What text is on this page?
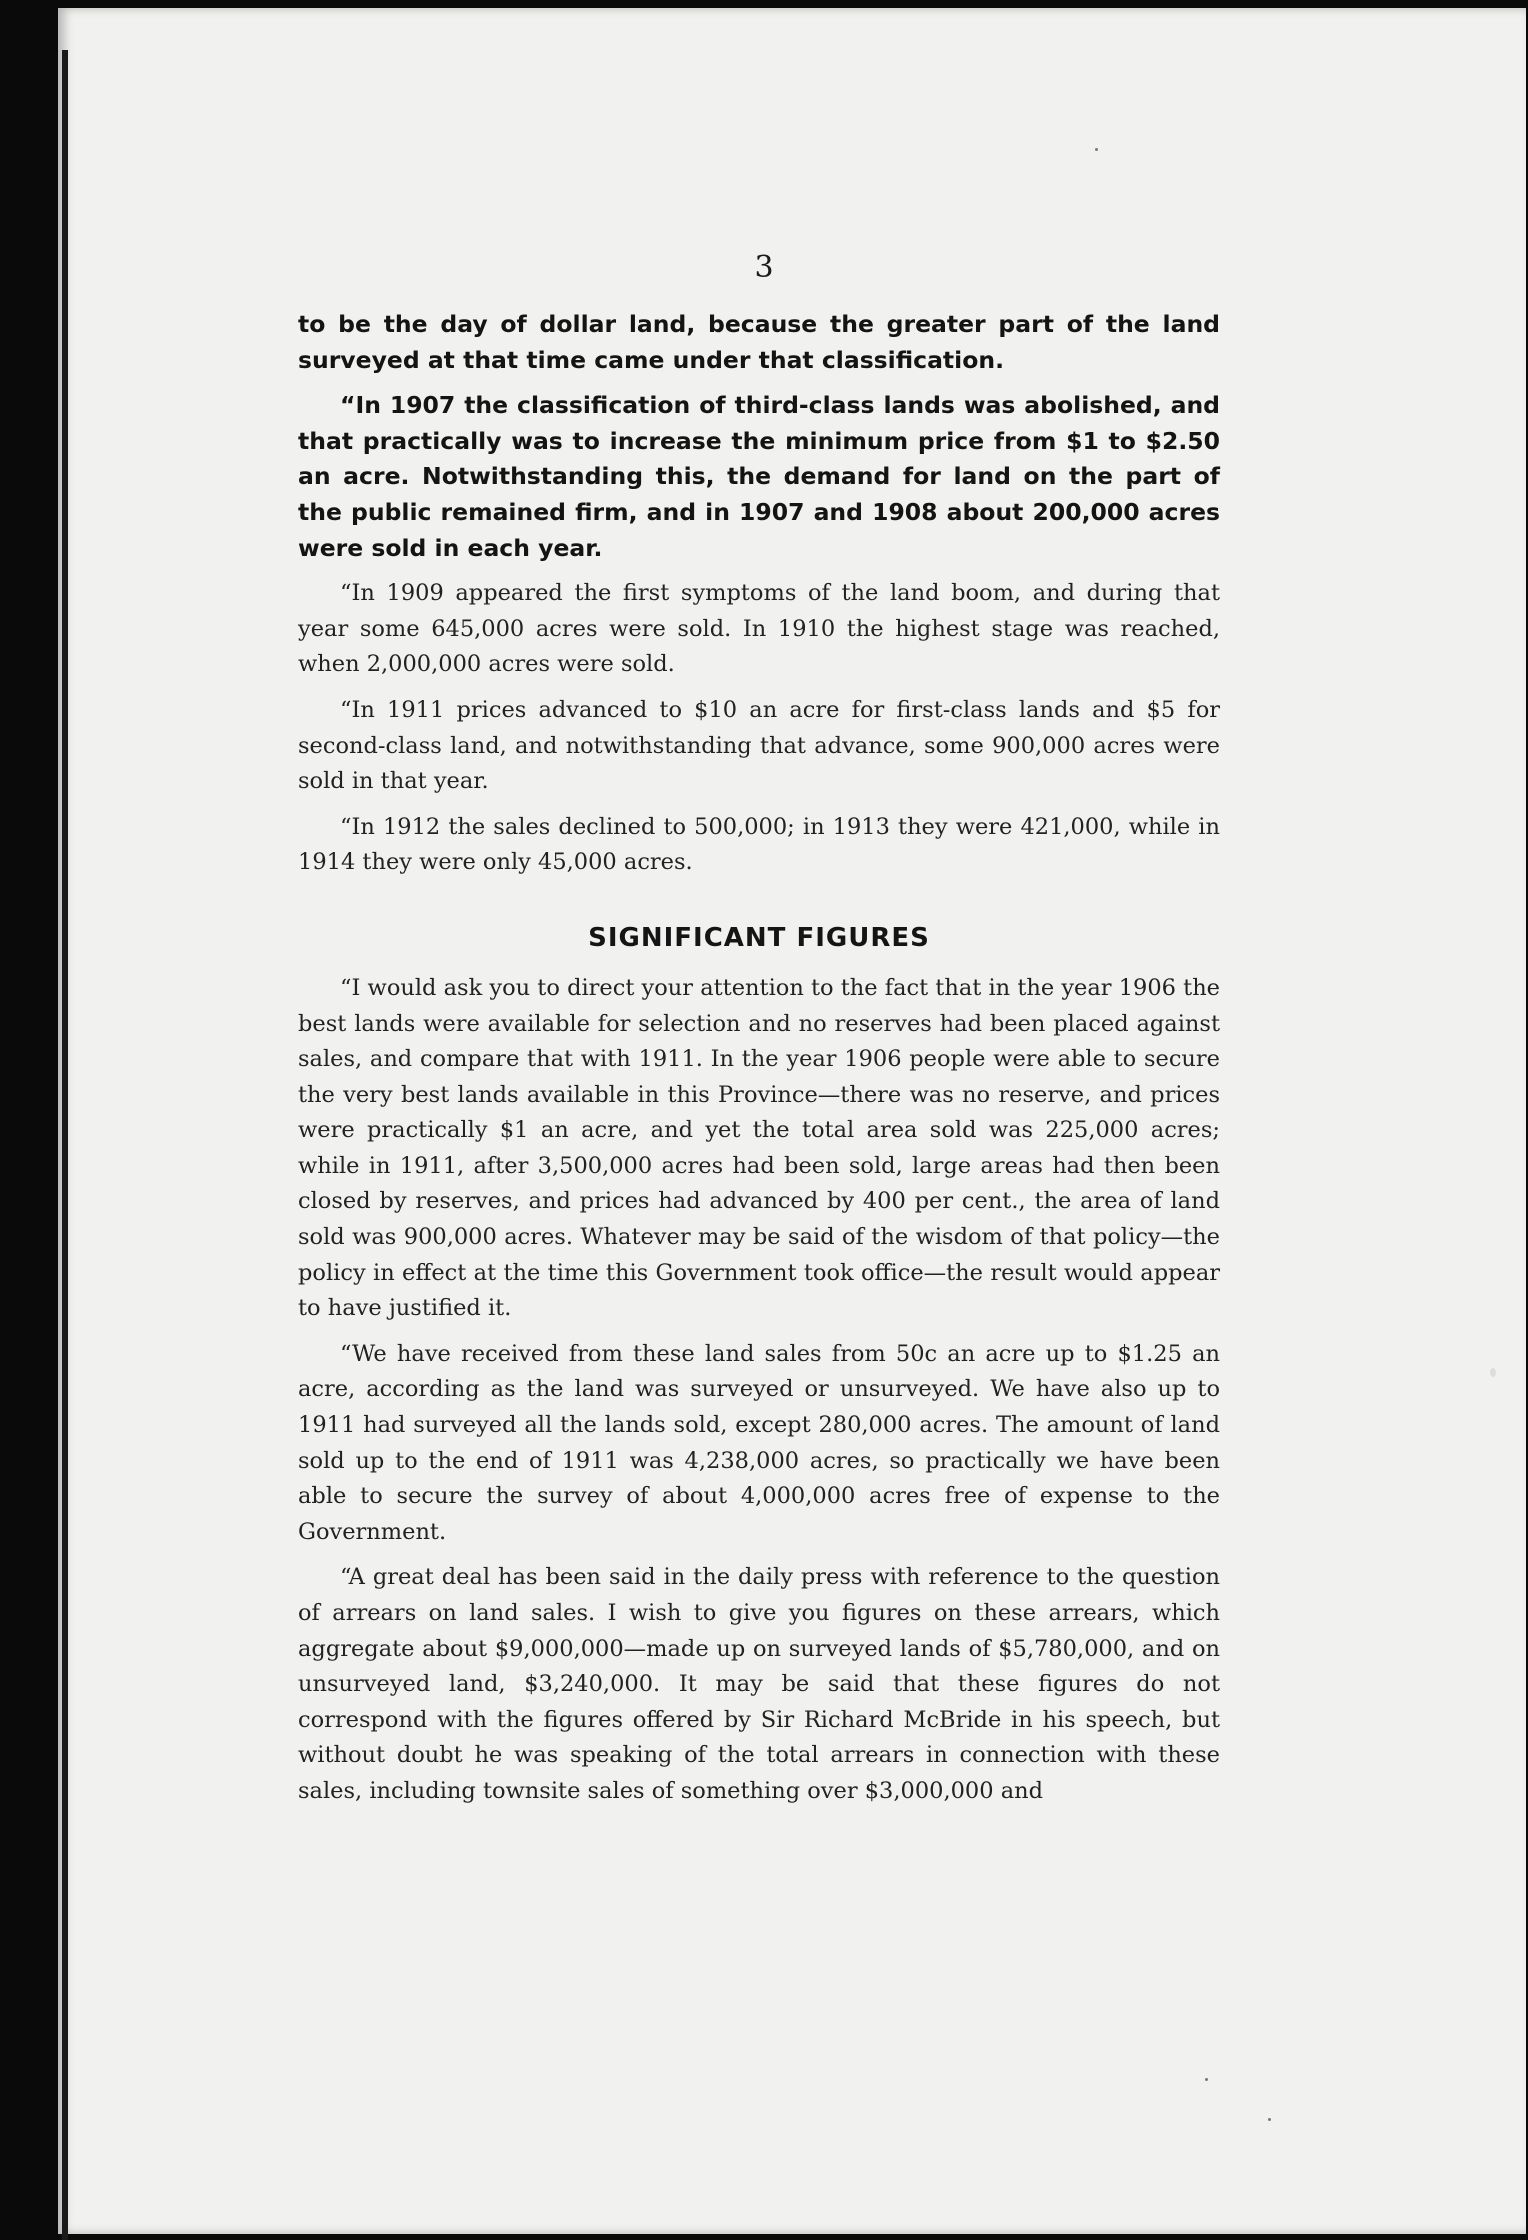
3

to be the day of dollar land, because the greater part of the land surveyed at that time came under that classification.

“In 1907 the classification of third-class lands was abolished, and that practically was to increase the minimum price from $1 to $2.50 an acre. Notwithstanding this, the demand for land on the part of the public remained firm, and in 1907 and 1908 about 200,000 acres were sold in each year.

“In 1909 appeared the first symptoms of the land boom, and during that year some 645,000 acres were sold. In 1910 the highest stage was reached, when 2,000,000 acres were sold.

“In 1911 prices advanced to $10 an acre for first-class lands and $5 for second-class land, and notwithstanding that advance, some 900,000 acres were sold in that year.

“In 1912 the sales declined to 500,000; in 1913 they were 421,000, while in 1914 they were only 45,000 acres.

SIGNIFICANT FIGURES

“I would ask you to direct your attention to the fact that in the year 1906 the best lands were available for selection and no reserves had been placed against sales, and compare that with 1911. In the year 1906 people were able to secure the very best lands available in this Province—there was no reserve, and prices were practically $1 an acre, and yet the total area sold was 225,000 acres; while in 1911, after 3,500,000 acres had been sold, large areas had then been closed by reserves, and prices had advanced by 400 per cent., the area of land sold was 900,000 acres. Whatever may be said of the wisdom of that policy—the policy in effect at the time this Government took office—the result would appear to have justified it.

“We have received from these land sales from 50c an acre up to $1.25 an acre, according as the land was surveyed or unsurveyed. We have also up to 1911 had surveyed all the lands sold, except 280,000 acres. The amount of land sold up to the end of 1911 was 4,238,000 acres, so practically we have been able to secure the survey of about 4,000,000 acres free of expense to the Government.

“A great deal has been said in the daily press with reference to the question of arrears on land sales. I wish to give you figures on these arrears, which aggregate about $9,000,000—made up on surveyed lands of $5,780,000, and on unsurveyed land, $3,240,000. It may be said that these figures do not correspond with the figures offered by Sir Richard McBride in his speech, but without doubt he was speaking of the total arrears in connection with these sales, including townsite sales of something over $3,000,000 and
